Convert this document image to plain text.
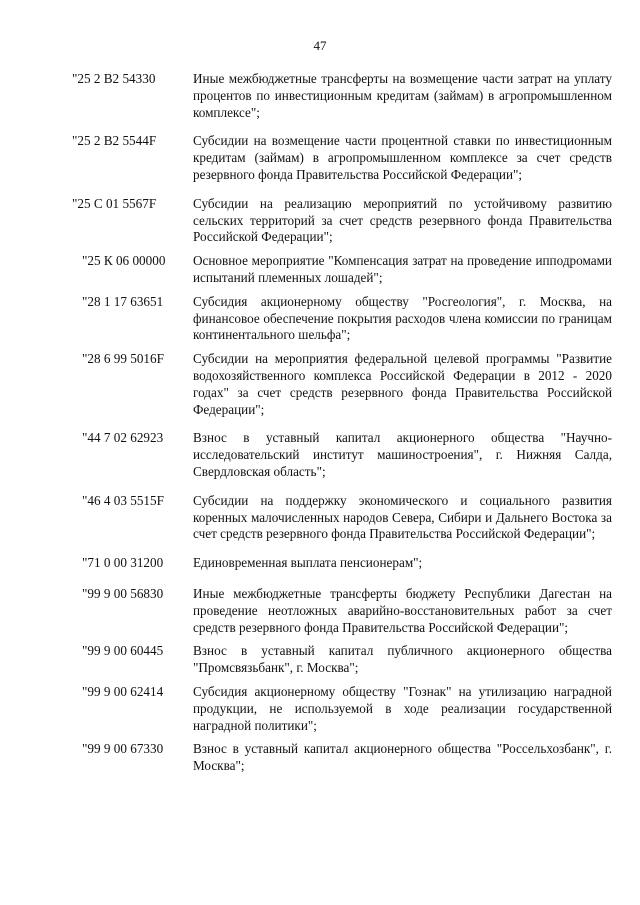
47
"25 2 B2 54330	Иные межбюджетные трансферты на возмещение части затрат на уплату процентов по инвестиционным кредитам (займам) в агропромышленном комплексе";
"25 2 B2 5544F	Субсидии на возмещение части процентной ставки по инвестиционным кредитам (займам) в агропромышленном комплексе за счет средств резервного фонда Правительства Российской Федерации";
"25 С 01 5567F	Субсидии на реализацию мероприятий по устойчивому развитию сельских территорий за счет средств резервного фонда Правительства Российской Федерации";
"25 К 06 00000	Основное мероприятие "Компенсация затрат на проведение ипподромами испытаний племенных лошадей";
"28 1 17 63651	Субсидия акционерному обществу "Росгеология", г. Москва, на финансовое обеспечение покрытия расходов члена комиссии по границам континентального шельфа";
"28 6 99 5016F	Субсидии на мероприятия федеральной целевой программы "Развитие водохозяйственного комплекса Российской Федерации в 2012 - 2020 годах" за счет средств резервного фонда Правительства Российской Федерации";
"44 7 02 62923	Взнос в уставный капитал акционерного общества "Научно-исследовательский институт машиностроения", г. Нижняя Салда, Свердловская область";
"46 4 03 5515F	Субсидии на поддержку экономического и социального развития коренных малочисленных народов Севера, Сибири и Дальнего Востока за счет средств резервного фонда Правительства Российской Федерации";
"71 0 00 31200	Единовременная выплата пенсионерам";
"99 9 00 56830	Иные межбюджетные трансферты бюджету Республики Дагестан на проведение неотложных аварийно-восстановительных работ за счет средств резервного фонда Правительства Российской Федерации";
"99 9 00 60445	Взнос в уставный капитал публичного акционерного общества "Промсвязьбанк", г. Москва";
"99 9 00 62414	Субсидия акционерному обществу "Гознак" на утилизацию наградной продукции, не используемой в ходе реализации государственной наградной политики";
"99 9 00 67330	Взнос в уставный капитал акционерного общества "Россельхозбанк", г. Москва";
